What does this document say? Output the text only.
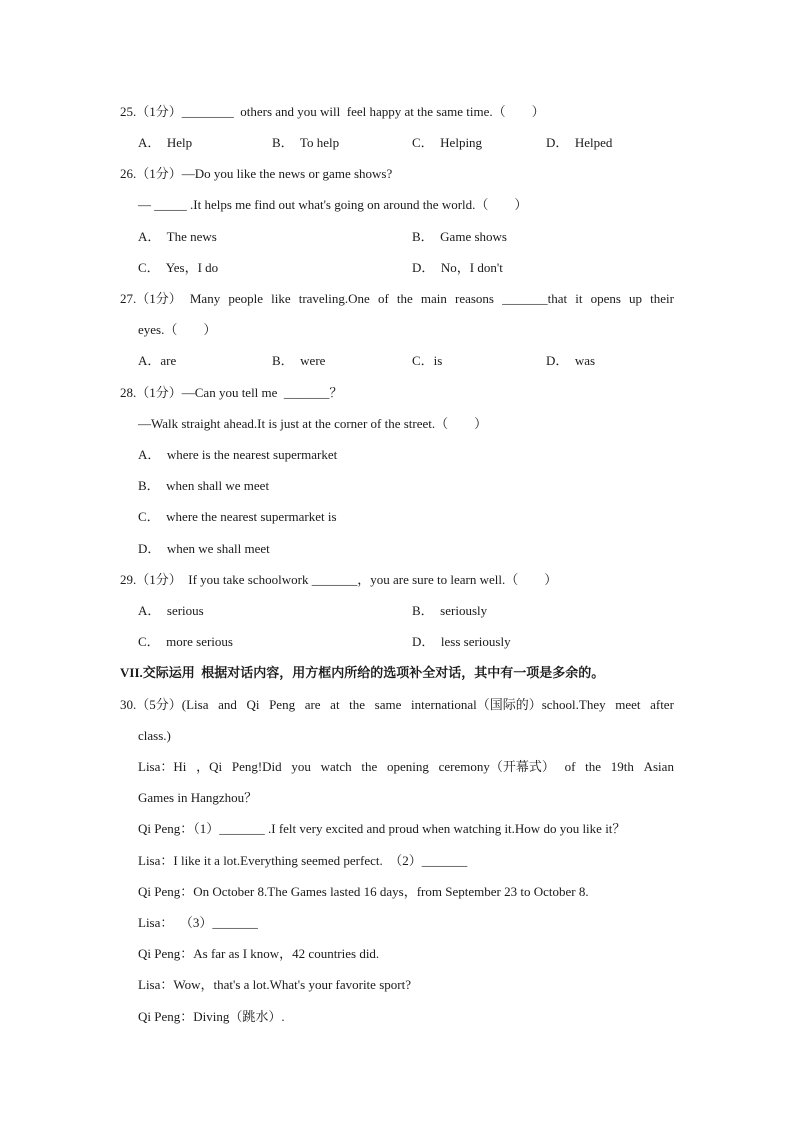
25.（1分）________  others and you will  feel happy at the same time.（        ）
A．  Help	B．  To help	C．  Helping	D．  Helped
26.（1分）—Do you like the news or game shows?
— _____ .It helps me find out what's going on around the world.（        ）
A．  The news	B．  Game shows
C．  Yes，I do	D．  No，I don't
27.（1分） Many people like traveling.One of the main reasons _______that it opens up their
eyes.（        ）
A．are	B．  were	C．is	D．  was
28.（1分）—Can you tell me  _______？
—Walk straight ahead.It is just at the corner of the street.（        ）
A．  where is the nearest supermarket
B．  when shall we meet
C．  where the nearest supermarket is
D．  when we shall meet
29.（1分）  If you take schoolwork _______，you are sure to learn well.（        ）
A．  serious	B．  seriously
C．  more serious	D．  less seriously
VII.交际运用  根据对话内容，用方框内所给的选项补全对话，其中有一项是多余的。
30.（5分）(Lisa and Qi Peng are at the same international（国际的）school.They meet after
class.)
Lisa：Hi ，Qi Peng!Did you watch the opening ceremony（开幕式） of the 19th Asian
Games in Hangzhou？
Qi Peng：（1）_______ .I felt very excited and proud when watching it.How do you like it？
Lisa：I like it a lot.Everything seemed perfect.  （2）_______
Qi Peng：On October 8.The Games lasted 16 days，from September 23 to October 8.
Lisa：  （3）_______
Qi Peng：As far as I know，42 countries did.
Lisa：Wow，that's a lot.What's your favorite sport?
Qi Peng：Diving（跳水）.
